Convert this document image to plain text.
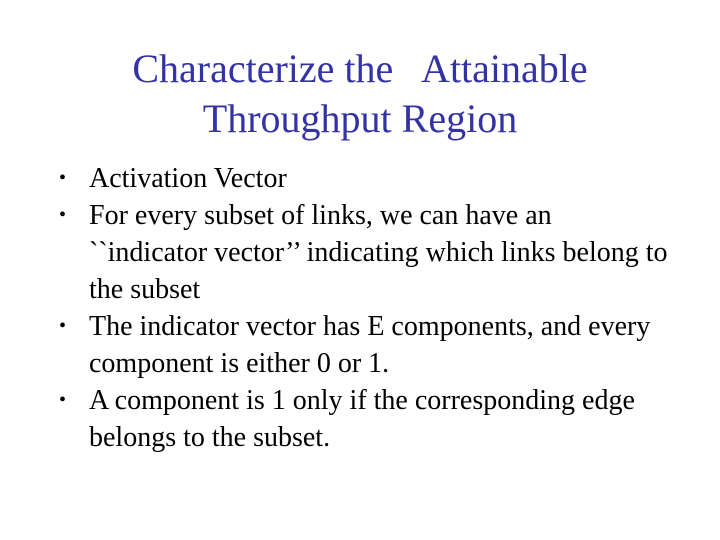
Characterize the   Attainable
Throughput Region
• Activation Vector
• For every subset of links, we can have an ``indicator vector’’ indicating which links belong to the subset
• The indicator vector has E components, and every component is either 0 or 1.
• A component is 1 only if the corresponding edge belongs to the subset.
